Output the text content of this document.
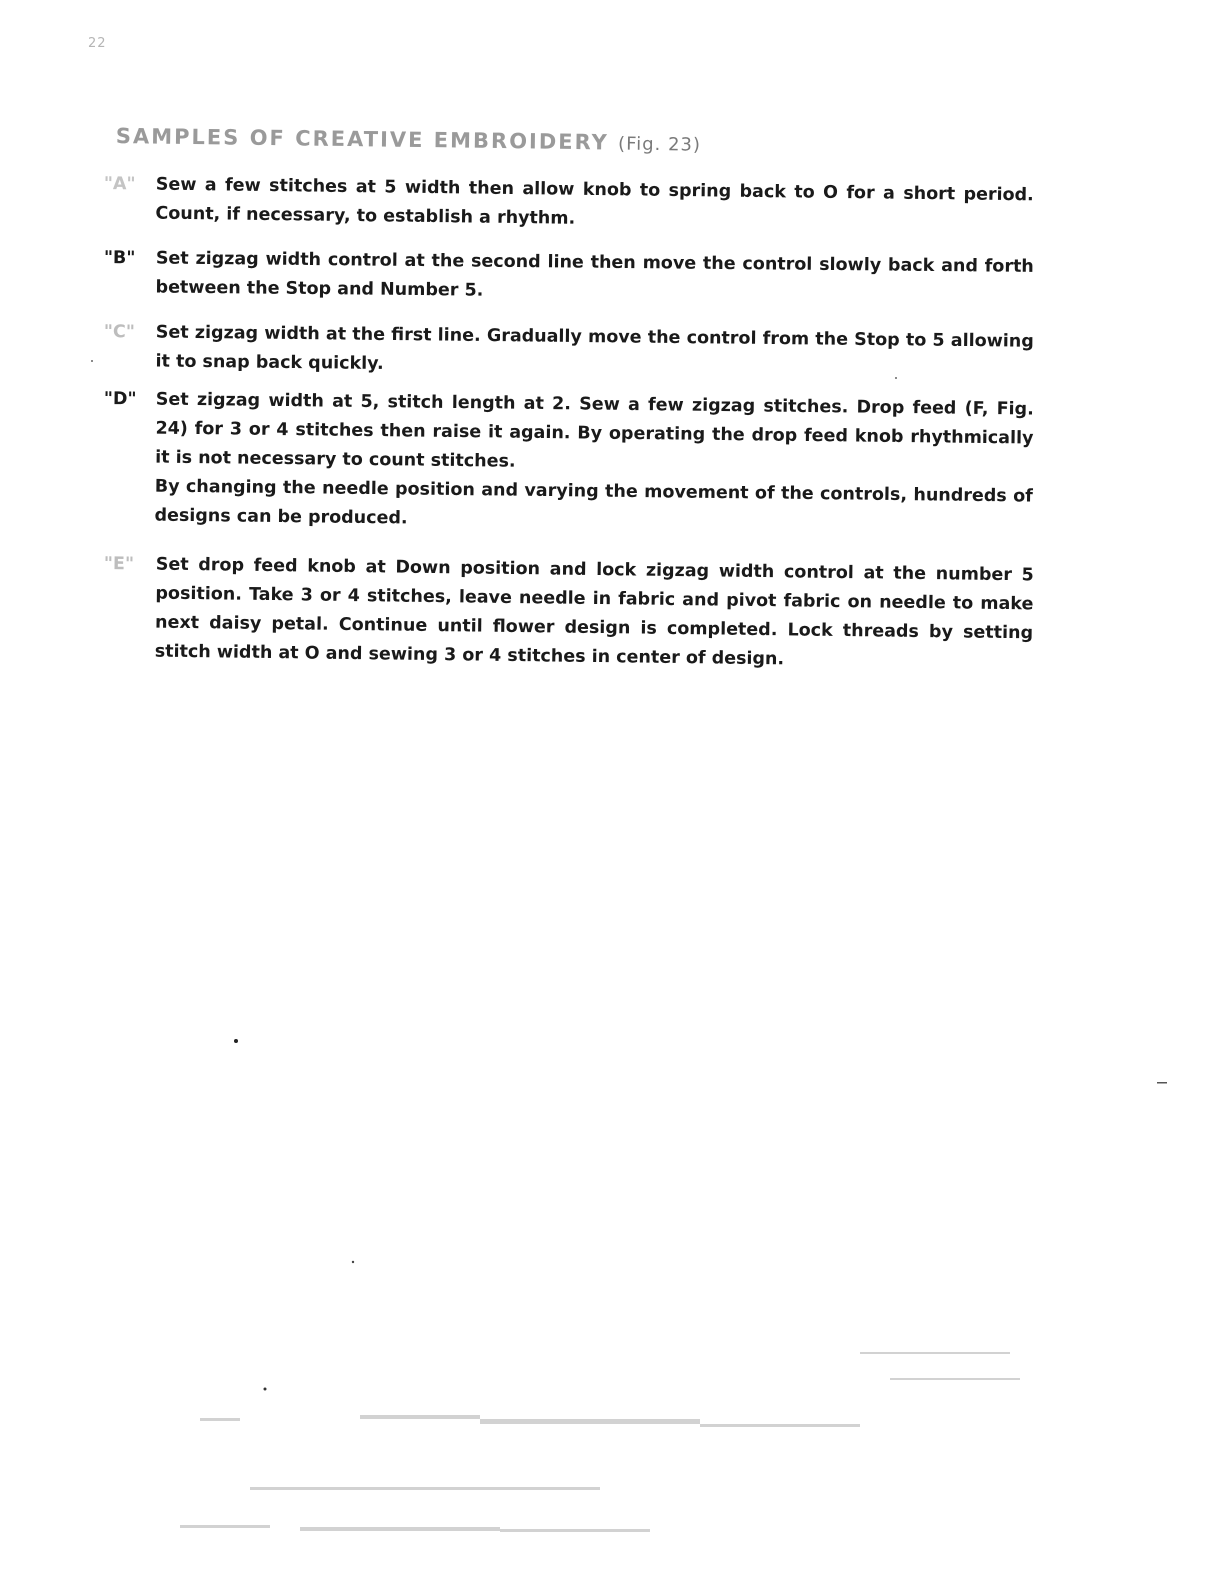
22
SAMPLES OF CREATIVE EMBROIDERY (Fig. 23)
"A"	Sew a few stitches at 5 width then allow knob to spring back to O for a short period. Count, if necessary, to establish a rhythm.

"B"	Set zigzag width control at the second line then move the control slowly back and forth between the Stop and Number 5.

"C"	Set zigzag width at the first line. Gradually move the control from the Stop to 5 allowing it to snap back quickly.

"D"	Set zigzag width at 5, stitch length at 2. Sew a few zigzag stitches. Drop feed (F, Fig. 24) for 3 or 4 stitches then raise it again. By operating the drop feed knob rhythmically it is not necessary to count stitches.

By changing the needle position and varying the movement of the controls, hundreds of designs can be produced.

"E"	Set drop feed knob at Down position and lock zigzag width control at the number 5 position. Take 3 or 4 stitches, leave needle in fabric and pivot fabric on needle to make next daisy petal. Continue until flower design is completed. Lock threads by setting stitch width at O and sewing 3 or 4 stitches in center of design.
